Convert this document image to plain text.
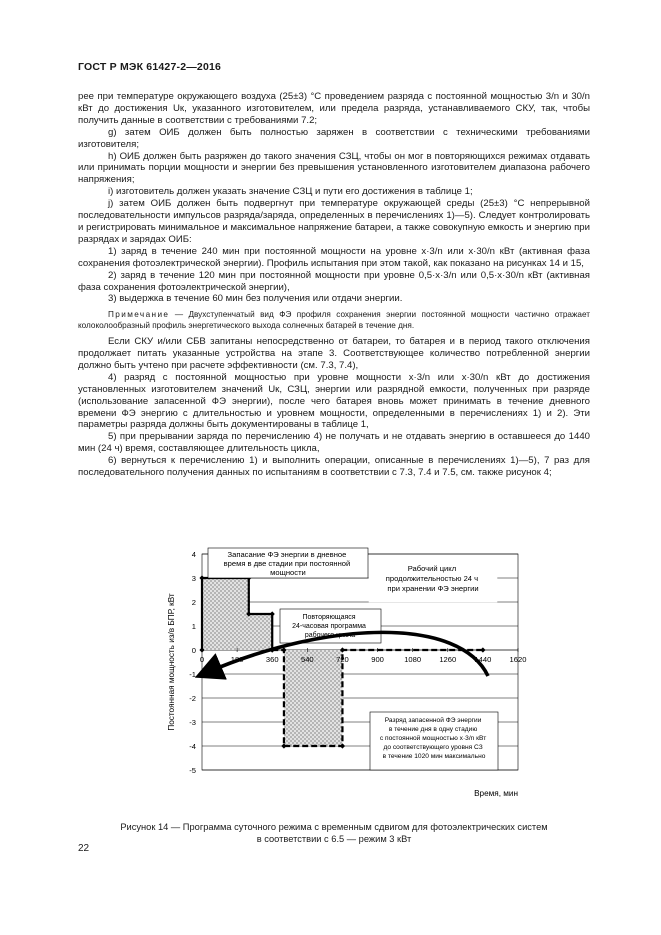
ГОСТ Р МЭК 61427-2—2016

рее при температуре окружающего воздуха (25±3) °С проведением разряда с постоянной мощностью 3/n и 30/n кВт до достижения Uк, указанного изготовителем, или предела разряда, устанавливаемого СКУ, так, чтобы получить данные в соответствии с требованиями 7.2;

g) затем ОИБ должен быть полностью заряжен в соответствии с техническими требованиями изготовителя;

h) ОИБ должен быть разряжен до такого значения СЗЦ, чтобы он мог в повторяющихся режимах отдавать или принимать порции мощности и энергии без превышения установленного изготовителем диапазона рабочего напряжения;

i) изготовитель должен указать значение СЗЦ и пути его достижения в таблице 1;

j) затем ОИБ должен быть подвергнут при температуре окружающей среды (25±3) °С непрерывной последовательности импульсов разряда/заряда, определенных в перечислениях 1)—5). Следует контролировать и регистрировать минимальное и максимальное напряжение батареи, а также совокупную емкость и энергию при разрядах и зарядах ОИБ:

1) заряд в течение 240 мин при постоянной мощности на уровне x·3/n или x·30/n кВт (активная фаза сохранения фотоэлектрической энергии). Профиль испытания при этом такой, как показано на рисунках 14 и 15,

2) заряд в течение 120 мин при постоянной мощности при уровне 0,5·x·3/n или 0,5·x·30/n кВт (активная фаза сохранения фотоэлектрической энергии),

3) выдержка в течение 60 мин без получения или отдачи энергии.

Примечание — Двухступенчатый вид ФЭ профиля сохранения энергии постоянной мощности частично отражает колоколообразный профиль энергетического выхода солнечных батарей в течение дня.

Если СКУ и/или СБВ запитаны непосредственно от батареи, то батарея и в период такого отключения продолжает питать указанные устройства на этапе 3. Соответствующее количество потребленной энергии должно быть учтено при расчете эффективности (см. 7.3, 7.4),

4) разряд с постоянной мощностью при уровне мощности x·3/n или x·30/n кВт до достижения установленных изготовителем значений Uк, СЗЦ, энергии или разрядной емкости, полученных при разряде (использование запасенной ФЭ энергии), после чего батарея вновь может принимать в течение дневного времени ФЭ энергию с длительностью и уровнем мощности, определенными в перечислениях 1) и 2). Эти параметры разряда должны быть документированы в таблице 1,

5) при прерывании заряда по перечислению 4) не получать и не отдавать энергию в оставшееся до 1440 мин (24 ч) время, составляющее длительность цикла,

6) вернуться к перечислению 1) и выполнить операции, описанные в перечислениях 1)—5), 7 раз для последовательного получения данных по испытаниям в соответствии с 7.3, 7.4 и 7.5, см. также рисунок 4;

4
3
2
1
0
-1
-2
-3
-4
-5
0	180	360	540	720	900	1080 1260 1440 1620
Постоянная мощность из/в БПР, кВт
Время, мин
Запасание ФЭ энергии в дневное время в две стадии при постоянной мощности	Рабочий цикл продолжительностью 24 ч при хранении ФЭ энергии
Повторяющаяся 24-часовая программа рабочего цикла
Разряд запасенной ФЭ энергии в течение дня в одну стадию с постоянной мощностью x·3/n кВт до соответствующего уровня СЗ в течение 1020 мин максимально
Рисунок 14 — Программа суточного режима с временным сдвигом для фотоэлектрических систем
в соответствии с 6.5 — режим 3 кВт
22
